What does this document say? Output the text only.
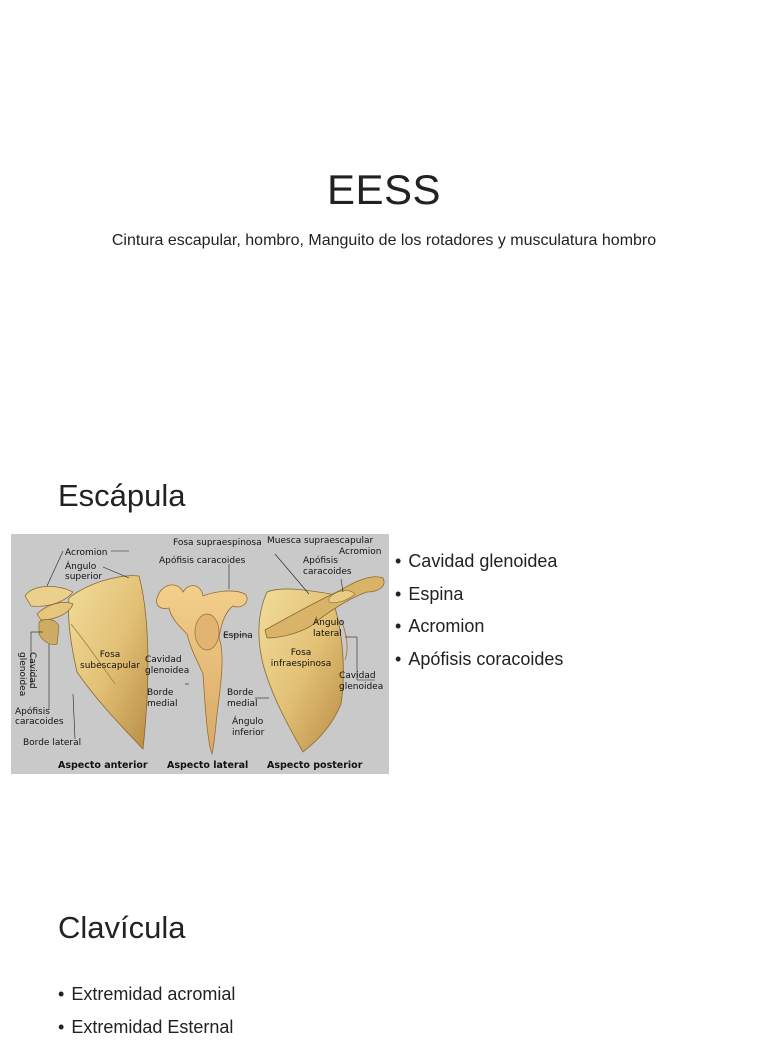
EESS
Cintura escapular, hombro, Manguito de los rotadores y musculatura hombro
Escápula
Acromion
Ángulo
superior
Cavidad
glenoidea
Apófisis
caracoides
Borde lateral
Fosa
subescapular
Apófisis caracoides
Cavidad
glenoidea
Borde
medial
Fosa supraespinosa
Espina
Borde
medial
Ángulo
inferior
Muesca supraescapular
Acromion
Apófisis
caracoides
Ángulo
lateral
Fosa
infraespinosa
Cavidad
glenoidea
Aspecto anterior Aspecto lateral Aspecto posterior
• Cavidad glenoidea
• Espina
• Acromion
• Apófisis coracoides
Clavícula
• Extremidad acromial
• Extremidad Esternal
